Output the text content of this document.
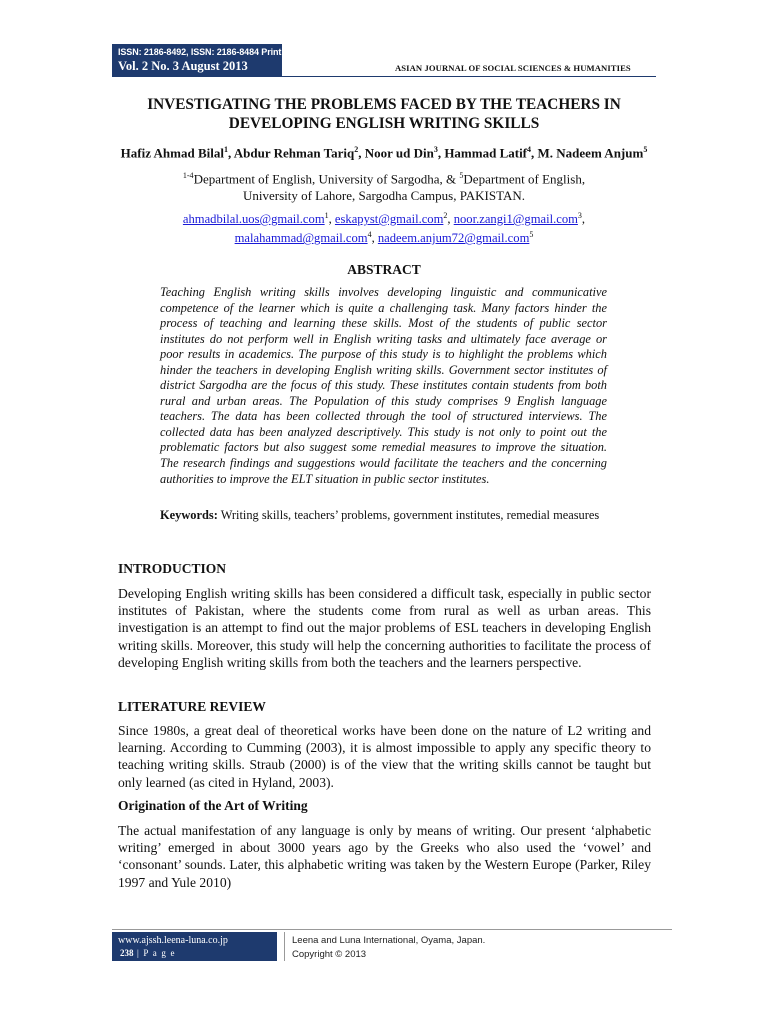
ISSN: 2186-8492, ISSN: 2186-8484 Print
Vol. 2 No. 3 August 2013	ASIAN JOURNAL OF SOCIAL SCIENCES & HUMANITIES
INVESTIGATING THE PROBLEMS FACED BY THE TEACHERS IN
DEVELOPING ENGLISH WRITING SKILLS
Hafiz Ahmad Bilal$^1$, Abdur Rehman Tariq$^2$, Noor ud Din$^3$, Hammad Latif$^4$, M. Nadeem Anjum$^5$
$^{1-4}$Department of English, University of Sargodha, & $^5$Department of English,
University of Lahore, Sargodha Campus, PAKISTAN.
ahmadbilal.uos@gmail.com$^1$, eskapyst@gmail.com$^2$, noor.zangi1@gmail.com$^3$,
malahammad@gmail.com$^4$, nadeem.anjum72@gmail.com$^5$
ABSTRACT
Teaching English writing skills involves developing linguistic and communicative competence of the learner which is quite a challenging task. Many factors hinder the process of teaching and learning these skills. Most of the students of public sector institutes do not perform well in English writing tasks and ultimately face average or poor results in academics. The purpose of this study is to highlight the problems which hinder the teachers in developing English writing skills. Government sector institutes of district Sargodha are the focus of this study. These institutes contain students from both rural and urban areas. The Population of this study comprises 9 English language teachers. The data has been collected through the tool of structured interviews. The collected data has been analyzed descriptively. This study is not only to point out the problematic factors but also suggest some remedial measures to improve the situation. The research findings and suggestions would facilitate the teachers and the concerning authorities to improve the ELT situation in public sector institutes.
Keywords: Writing skills, teachers’ problems, government institutes, remedial measures
INTRODUCTION
Developing English writing skills has been considered a difficult task, especially in public sector institutes of Pakistan, where the students come from rural as well as urban areas. This investigation is an attempt to find out the major problems of ESL teachers in developing English writing skills. Moreover, this study will help the concerning authorities to facilitate the process of developing English writing skills from both the teachers and the learners perspective.
LITERATURE REVIEW
Since 1980s, a great deal of theoretical works have been done on the nature of L2 writing and learning. According to Cumming (2003), it is almost impossible to apply any specific theory to teaching writing skills. Straub (2000) is of the view that the writing skills cannot be taught but only learned (as cited in Hyland, 2003).
Origination of the Art of Writing
The actual manifestation of any language is only by means of writing. Our present ‘alphabetic writing’ emerged in about 3000 years ago by the Greeks who also used the ‘vowel’ and ‘consonant’ sounds. Later, this alphabetic writing was taken by the Western Europe (Parker, Riley 1997 and Yule 2010)
www.ajssh.leena-luna.co.jp
238 | P a g e
Leena and Luna International, Oyama, Japan.
Copyright © 2013
